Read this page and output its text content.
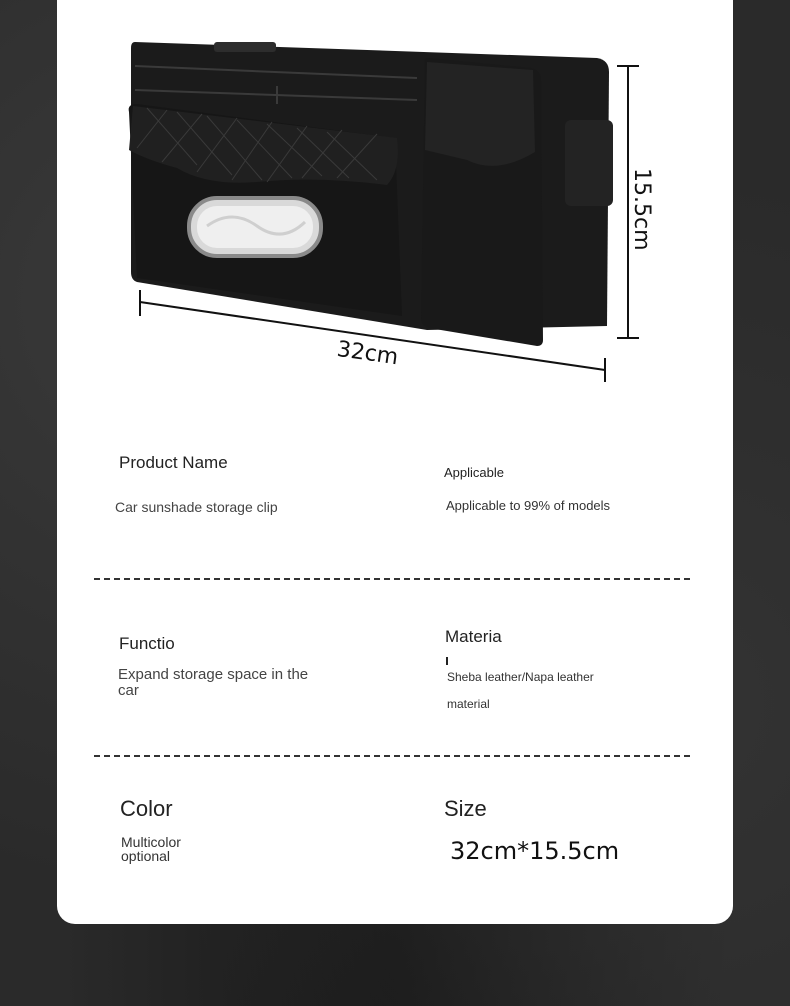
32cm
15.5cm
Product Name
Car sunshade storage clip
Applicable
Applicable to 99% of models
Functio
Expand storage space in the car
Materia
Sheba leather/Napa leather
material
Color
Multicolor optional
Size
32cm*15.5cm
